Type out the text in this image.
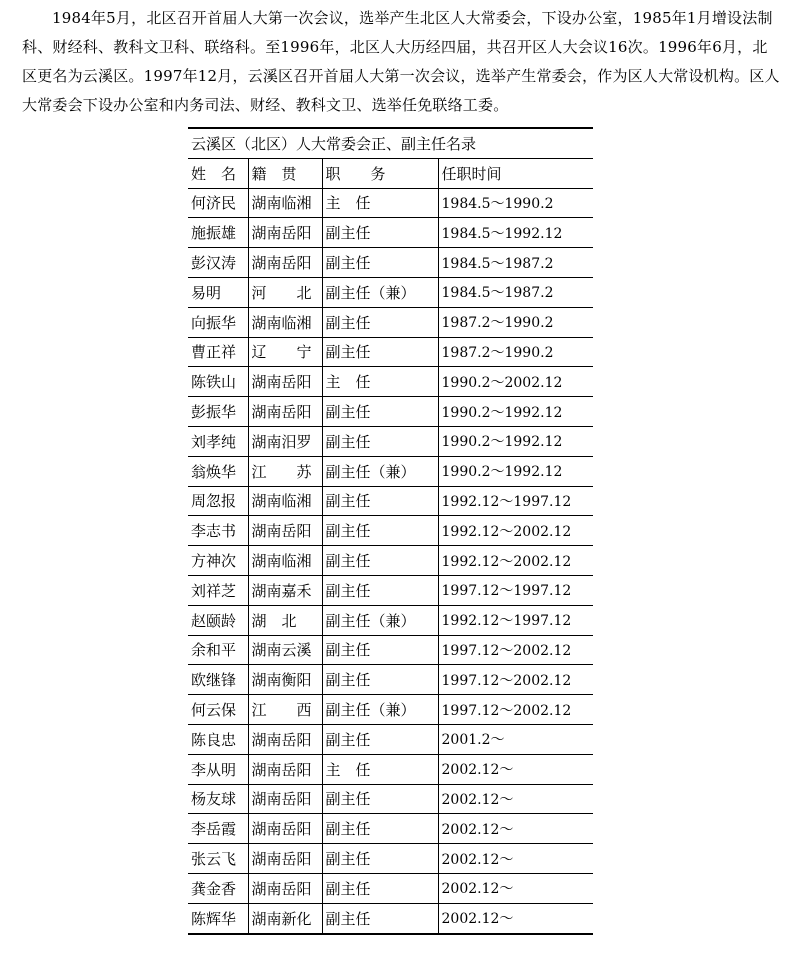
1984年5月，北区召开首届人大第一次会议，选举产生北区人大常委会，下设办公室，1985年1月增设法制科、财经科、教科文卫科、联络科。至1996年，北区人大历经四届，共召开区人大会议16次。1996年6月，北区更名为云溪区。1997年12月，云溪区召开首届人大第一次会议，选举产生常委会，作为区人大常设机构。区人大常委会下设办公室和内务司法、财经、教科文卫、选举任免联络工委。

云溪区（北区）人大常委会正、副主任名录			
姓　名	籍　贯	职　　务	任职时间
何济民	湖南临湘	主　任	1984.5～1990.2
施振雄	湖南岳阳	副主任	1984.5～1992.12
彭汉涛	湖南岳阳	副主任	1984.5～1987.2
易明	河　　北	副主任（兼）	1984.5～1987.2
向振华	湖南临湘	副主任	1987.2～1990.2
曹正祥	辽　　宁	副主任	1987.2～1990.2
陈铁山	湖南岳阳	主　任	1990.2～2002.12
彭振华	湖南岳阳	副主任	1990.2～1992.12
刘孝纯	湖南汨罗	副主任	1990.2～1992.12
翁焕华	江　　苏	副主任（兼）	1990.2～1992.12
周忽报	湖南临湘	副主任	1992.12～1997.12
李志书	湖南岳阳	副主任	1992.12～2002.12
方神次	湖南临湘	副主任	1992.12～2002.12
刘祥芝	湖南嘉禾	副主任	1997.12～1997.12
赵颐龄	湖　北	副主任（兼）	1992.12～1997.12
余和平	湖南云溪	副主任	1997.12～2002.12
欧继锋	湖南衡阳	副主任	1997.12～2002.12
何云保	江　　西	副主任（兼）	1997.12～2002.12
陈良忠	湖南岳阳	副主任	2001.2～
李从明	湖南岳阳	主　任	2002.12～
杨友球	湖南岳阳	副主任	2002.12～
李岳霞	湖南岳阳	副主任	2002.12～
张云飞	湖南岳阳	副主任	2002.12～
龚金香	湖南岳阳	副主任	2002.12～
陈辉华	湖南新化	副主任	2002.12～
